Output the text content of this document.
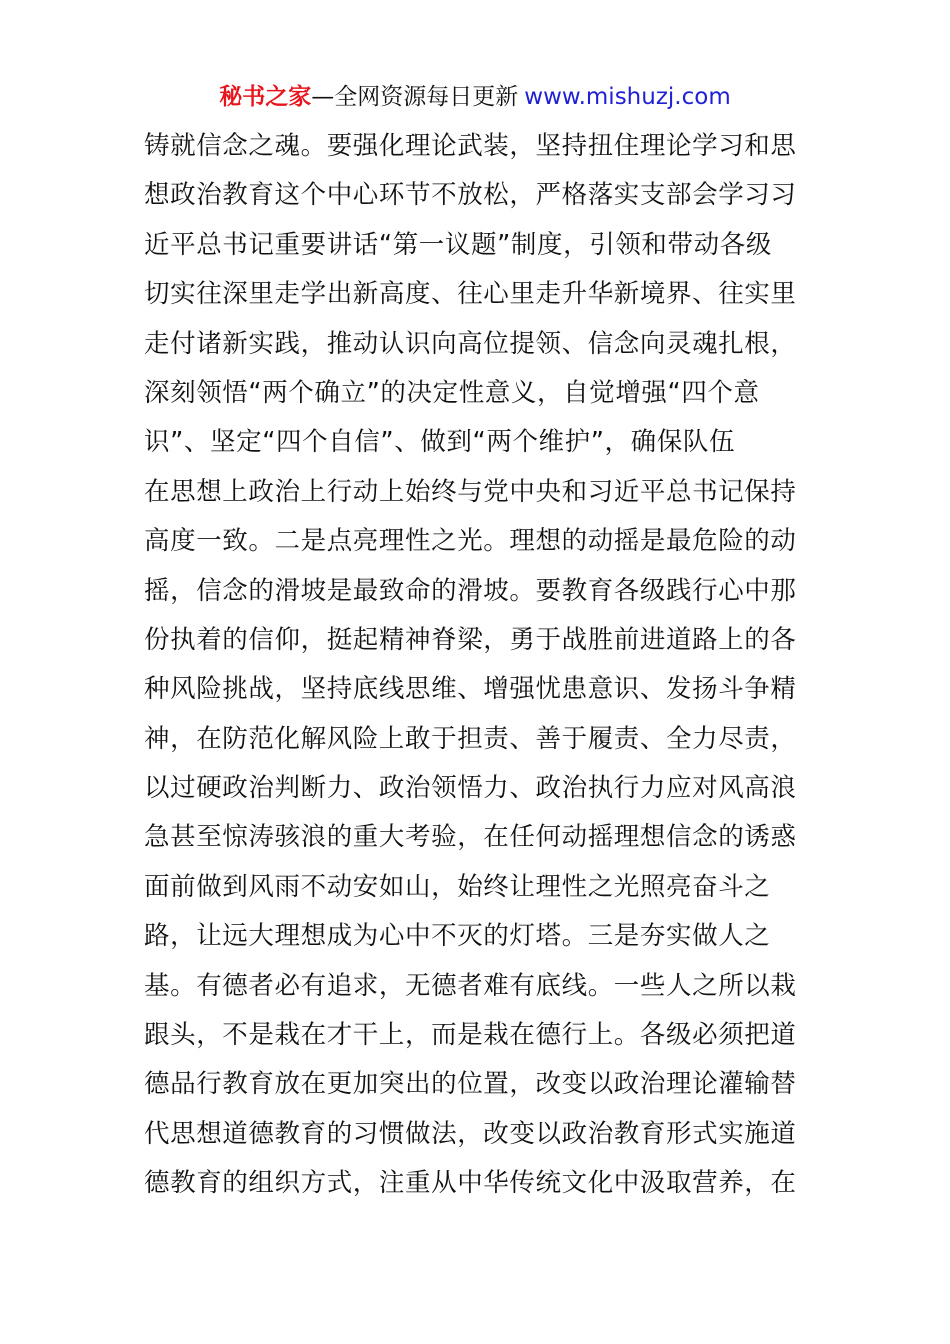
秘书之家—全网资源每日更新 www.mishuzj.com
铸就信念之魂。要强化理论武装，坚持扭住理论学习和思
想政治教育这个中心环节不放松，严格落实支部会学习习
近平总书记重要讲话“第一议题”制度，引领和带动各级
切实往深里走学出新高度、往心里走升华新境界、往实里
走付诸新实践，推动认识向高位提领、信念向灵魂扎根，
深刻领悟“两个确立”的决定性意义，自觉增强“四个意
识”、坚定“四个自信”、做到“两个维护”，确保队伍
在思想上政治上行动上始终与党中央和习近平总书记保持
高度一致。二是点亮理性之光。理想的动摇是最危险的动
摇，信念的滑坡是最致命的滑坡。要教育各级践行心中那
份执着的信仰，挺起精神脊梁，勇于战胜前进道路上的各
种风险挑战，坚持底线思维、增强忧患意识、发扬斗争精
神，在防范化解风险上敢于担责、善于履责、全力尽责，
以过硬政治判断力、政治领悟力、政治执行力应对风高浪
急甚至惊涛骇浪的重大考验，在任何动摇理想信念的诱惑
面前做到风雨不动安如山，始终让理性之光照亮奋斗之
路，让远大理想成为心中不灭的灯塔。三是夯实做人之
基。有德者必有追求，无德者难有底线。一些人之所以栽
跟头，不是栽在才干上，而是栽在德行上。各级必须把道
德品行教育放在更加突出的位置，改变以政治理论灌输替
代思想道德教育的习惯做法，改变以政治教育形式实施道
德教育的组织方式，注重从中华传统文化中汲取营养，在
